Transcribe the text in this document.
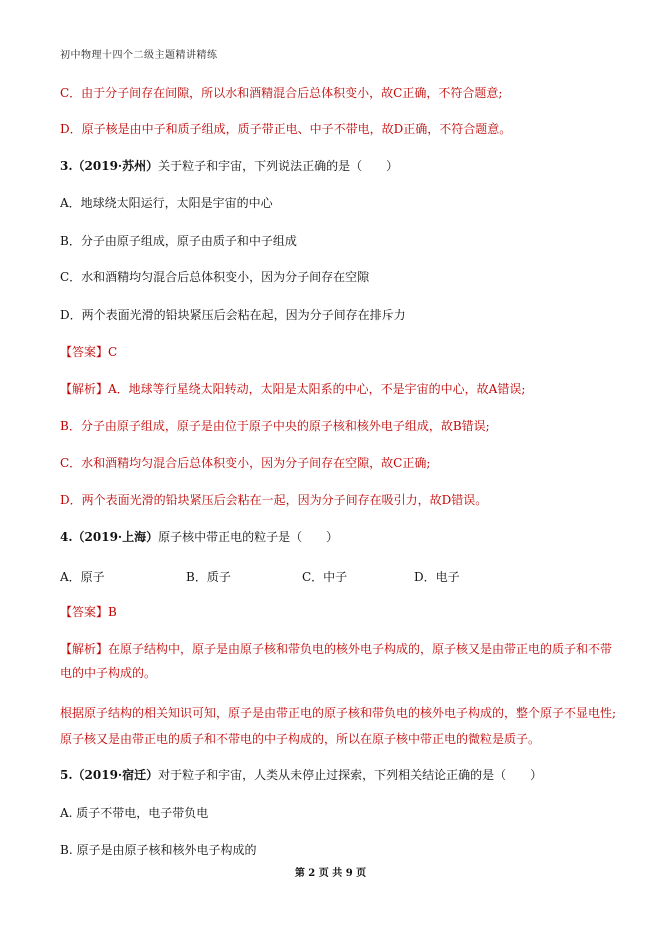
初中物理十四个二级主题精讲精练
C．由于分子间存在间隙，所以水和酒精混合后总体积变小，故C正确，不符合题意;
D．原子核是由中子和质子组成，质子带正电、中子不带电，故D正确，不符合题意。
3.（2019·苏州）关于粒子和宇宙，下列说法正确的是（　　）
A．地球绕太阳运行，太阳是宇宙的中心
B．分子由原子组成，原子由质子和中子组成
C．水和酒精均匀混合后总体积变小，因为分子间存在空隙
D．两个表面光滑的铅块紧压后会粘在起，因为分子间存在排斥力
【答案】C
【解析】A．地球等行星绕太阳转动，太阳是太阳系的中心，不是宇宙的中心，故A错误;
B．分子由原子组成，原子是由位于原子中央的原子核和核外电子组成，故B错误;
C．水和酒精均匀混合后总体积变小，因为分子间存在空隙，故C正确;
D．两个表面光滑的铅块紧压后会粘在一起，因为分子间存在吸引力，故D错误。
4.（2019·上海）原子核中带正电的粒子是（　　）
【答案】B
【解析】在原子结构中，原子是由原子核和带负电的核外电子构成的，原子核又是由带正电的质子和不带
电的中子构成的。
根据原子结构的相关知识可知，原子是由带正电的原子核和带负电的核外电子构成的，整个原子不显电性;
原子核又是由带正电的质子和不带电的中子构成的，所以在原子核中带正电的微粒是质子。
5.（2019·宿迁）对于粒子和宇宙，人类从未停止过探索，下列相关结论正确的是（　　）
A. 质子不带电，电子带负电
B. 原子是由原子核和核外电子构成的
A．原子	B．质子	C．中子	D．电子
第 2 页 共 9 页
